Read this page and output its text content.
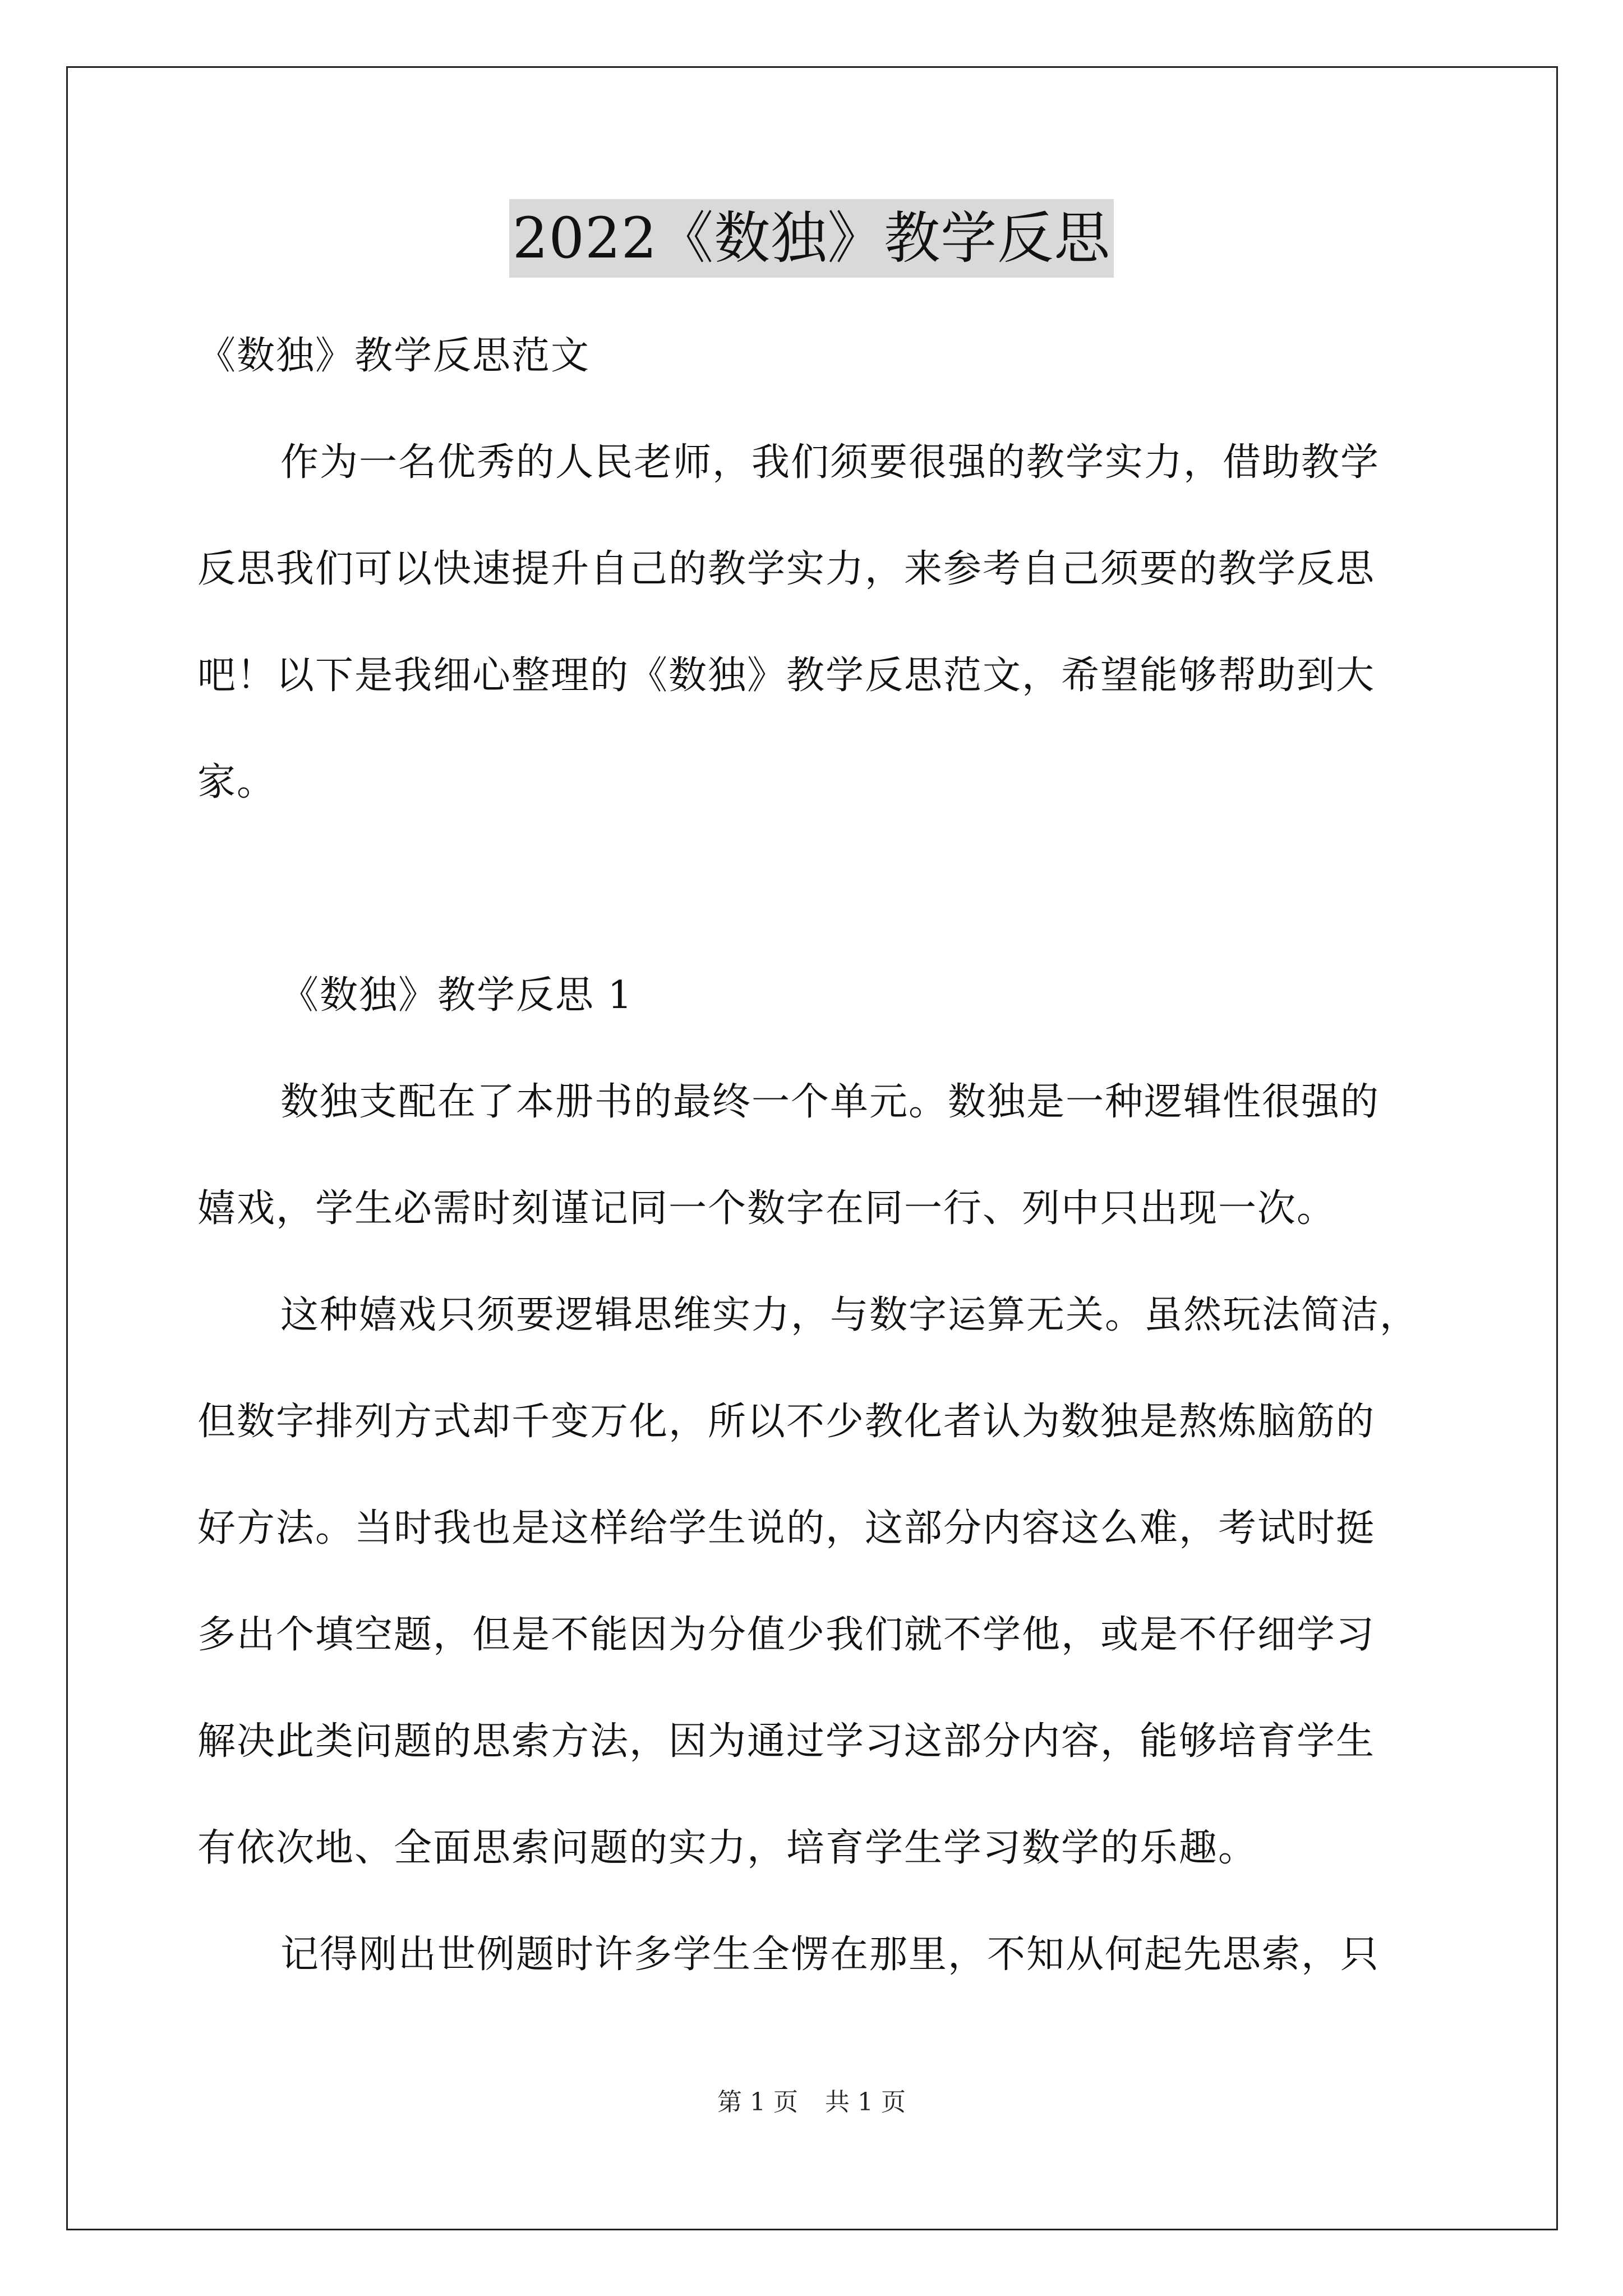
2022《数独》教学反思
《数独》教学反思范文
作为一名优秀的人民老师，我们须要很强的教学实力，借助教学
反思我们可以快速提升自己的教学实力，来参考自己须要的教学反思
吧！以下是我细心整理的《数独》教学反思范文，希望能够帮助到大
家。
《数独》教学反思 1
数独支配在了本册书的最终一个单元。数独是一种逻辑性很强的
嬉戏，学生必需时刻谨记同一个数字在同一行、列中只出现一次。
这种嬉戏只须要逻辑思维实力，与数字运算无关。虽然玩法简洁，
但数字排列方式却千变万化，所以不少教化者认为数独是熬炼脑筋的
好方法。当时我也是这样给学生说的，这部分内容这么难，考试时挺
多出个填空题，但是不能因为分值少我们就不学他，或是不仔细学习
解决此类问题的思索方法，因为通过学习这部分内容，能够培育学生
有依次地、全面思索问题的实力，培育学生学习数学的乐趣。
记得刚出世例题时许多学生全愣在那里，不知从何起先思索，只
第 1 页 共 1 页
